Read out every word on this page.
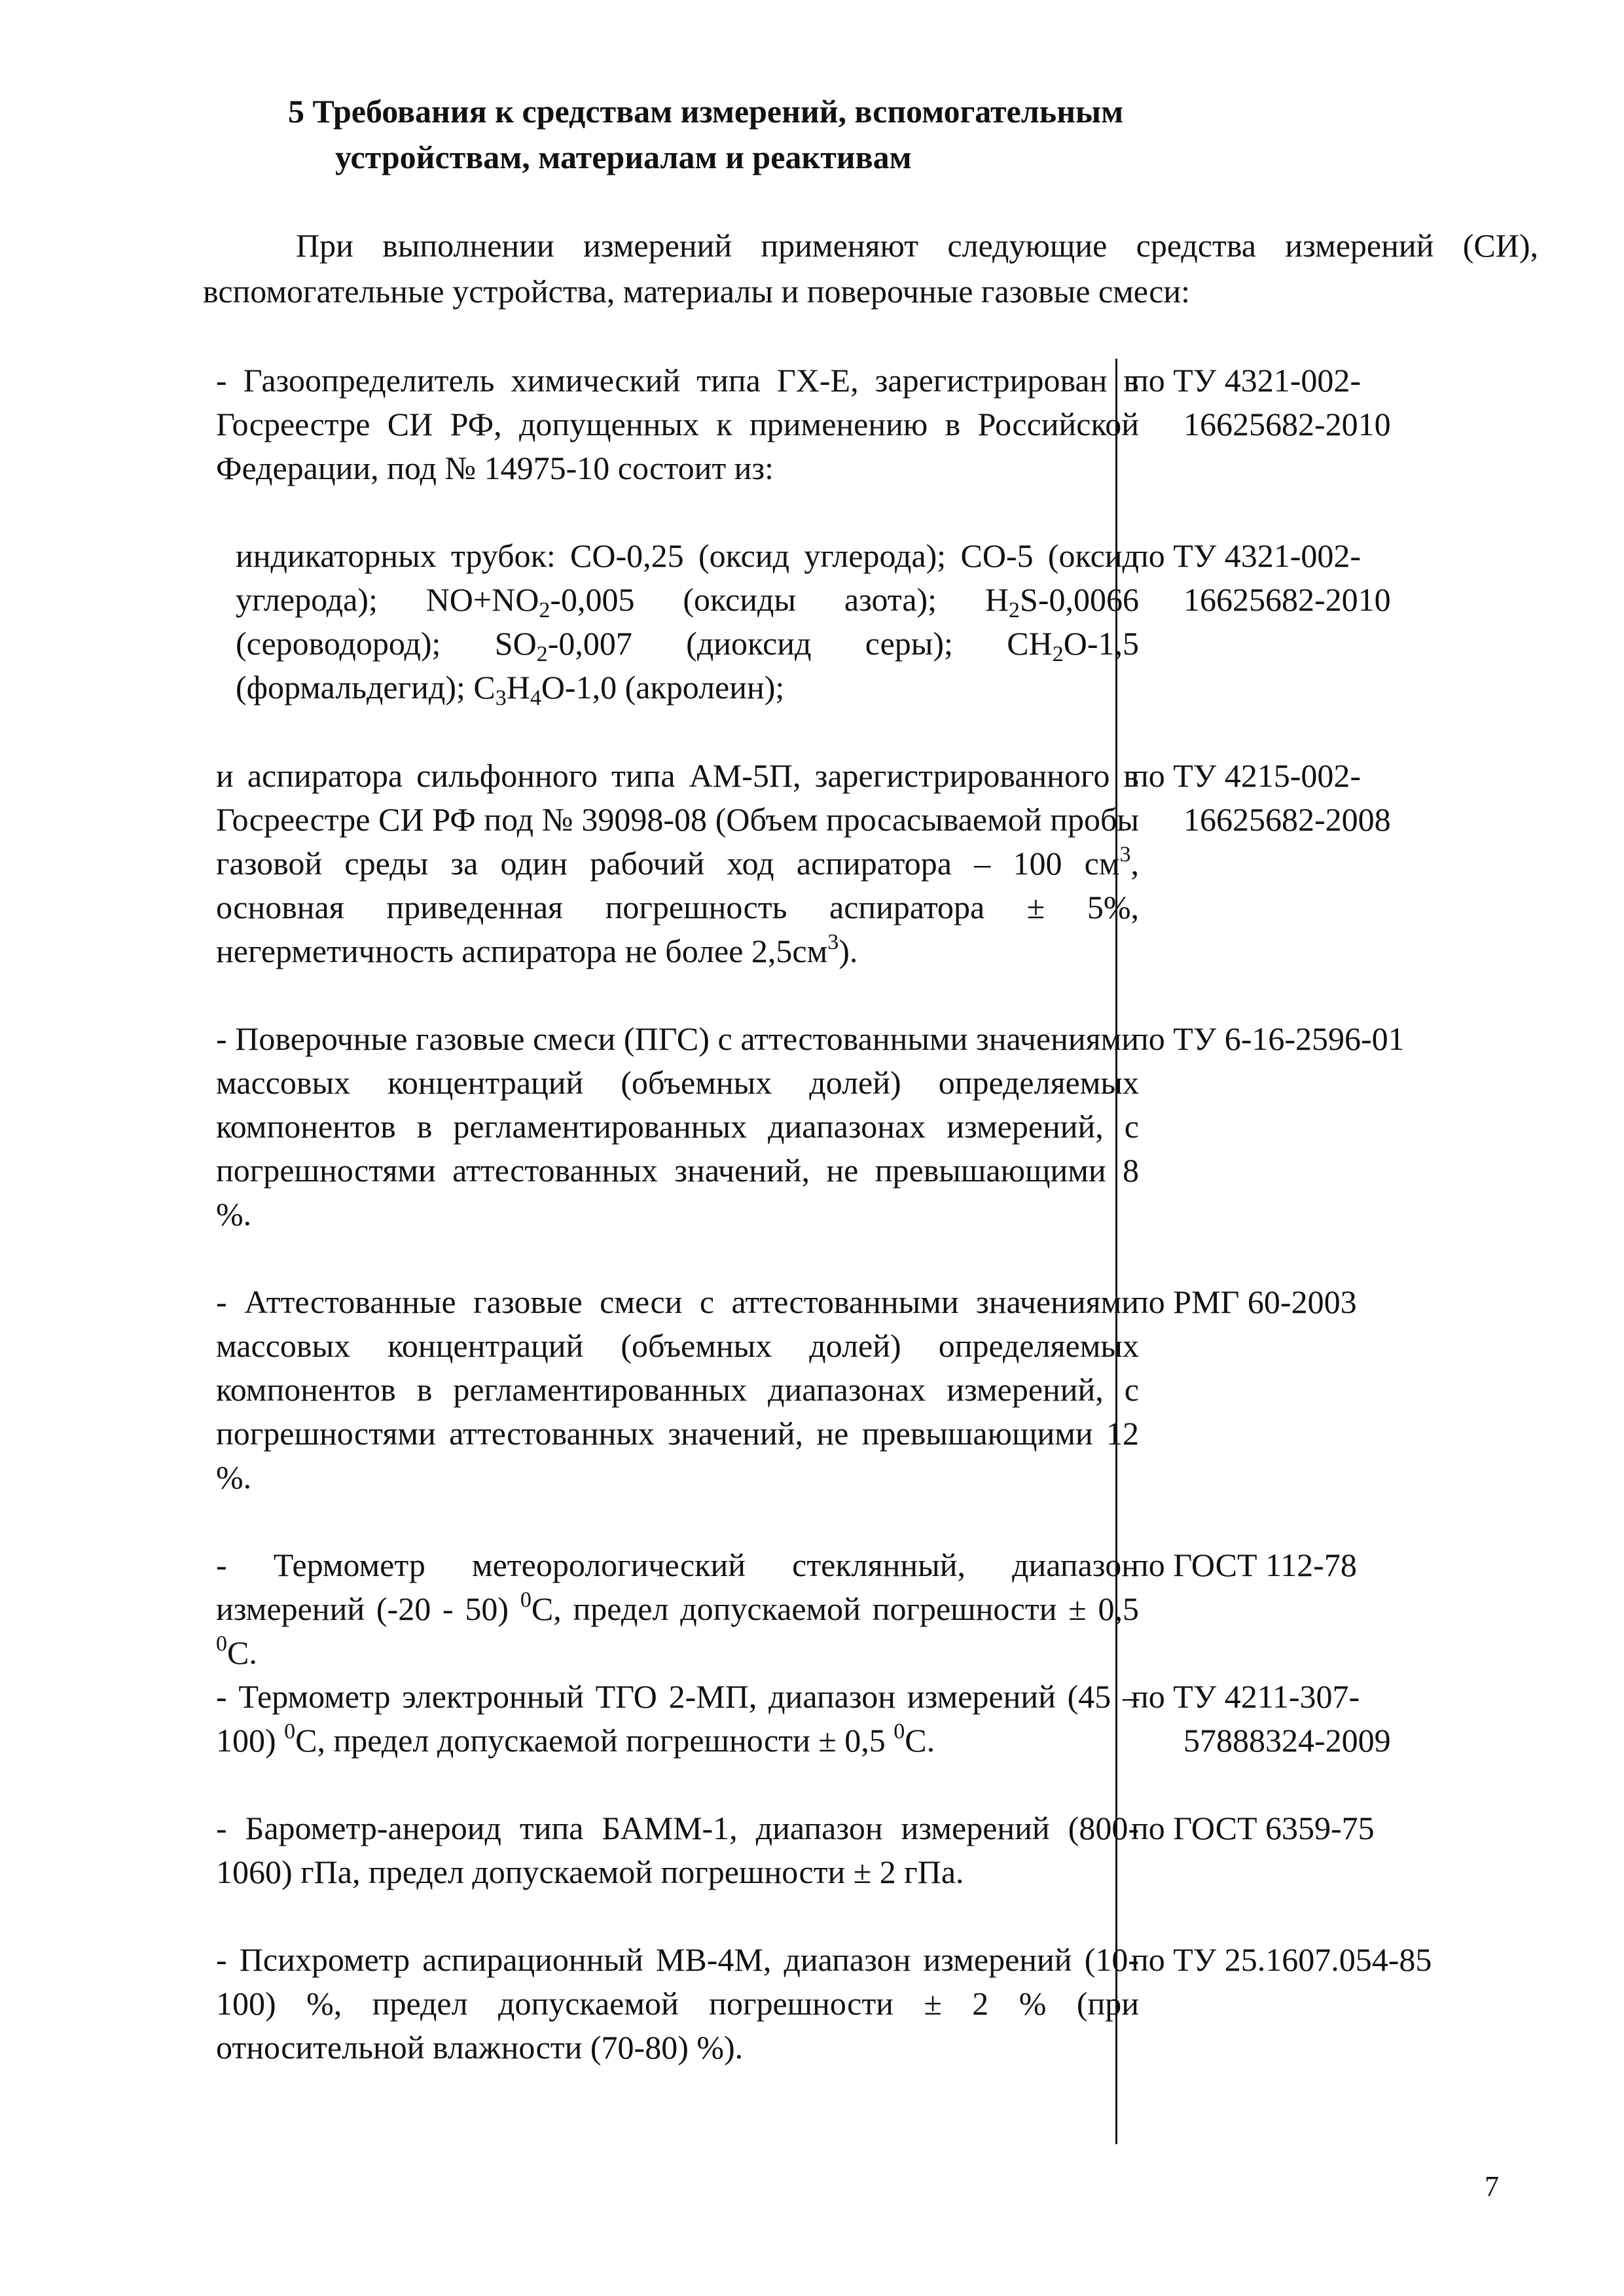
5 Требования к средствам измерений, вспомогательным
устройствам, материалам и реактивам
При выполнении измерений применяют следующие средства измерений (СИ), вспомогательные устройства, материалы и поверочные газовые смеси:
- Газоопределитель химический типа ГХ-Е, зарегистрирован в Госреестре СИ РФ, допущенных к применению в Российской Федерации, под № 14975-10 состоит из:
по ТУ 4321-002-
16625682-2010
индикаторных трубок: СО-0,25 (оксид углерода); СО-5 (оксид углерода); $NO+NO_2-0,005$ (оксиды азота); $H_2S-0,0066$ (сероводород); $SO_2-0,007$ (диоксид серы); $CH_2O-1,5$ (формальдегид); $C_3H_4O-1,0$ (акролеин);
по ТУ 4321-002-
16625682-2010
и аспиратора сильфонного типа АМ-5П, зарегистрированного в Госреестре СИ РФ под № 39098-08 (Объем просасываемой пробы газовой среды за один рабочий ход аспиратора – 100 $см^3$, основная приведенная погрешность аспиратора ± 5%, негерметичность аспиратора не более $2,5см^3$).
по ТУ 4215-002-
16625682-2008
- Поверочные газовые смеси (ПГС) с аттестованными значениями массовых концентраций (объемных долей) определяемых компонентов в регламентированных диапазонах измерений, с погрешностями аттестованных значений, не превышающими 8 %.
по ТУ 6-16-2596-01
- Аттестованные газовые смеси с аттестованными значениями массовых концентраций (объемных долей) определяемых компонентов в регламентированных диапазонах измерений, с погрешностями аттестованных значений, не превышающими 12 %.
по РМГ 60-2003
- Термометр метеорологический стеклянный, диапазон измерений (-20 - 50) $^0$С, предел допускаемой погрешности ± 0,5 $^0$С.
по ГОСТ 112-78
- Термометр электронный ТГО 2-МП, диапазон измерений (45 – 100) $^0$С, предел допускаемой погрешности ± 0,5 $^0$С.
по ТУ 4211-307-
57888324-2009
- Барометр-анероид типа БАММ-1, диапазон измерений (800-1060) гПа, предел допускаемой погрешности ± 2 гПа.
по ГОСТ 6359-75
- Психрометр аспирационный МВ-4М, диапазон измерений (10-100) %, предел допускаемой погрешности ± 2 % (при относительной влажности (70-80) %).
по ТУ 25.1607.054-85
7
